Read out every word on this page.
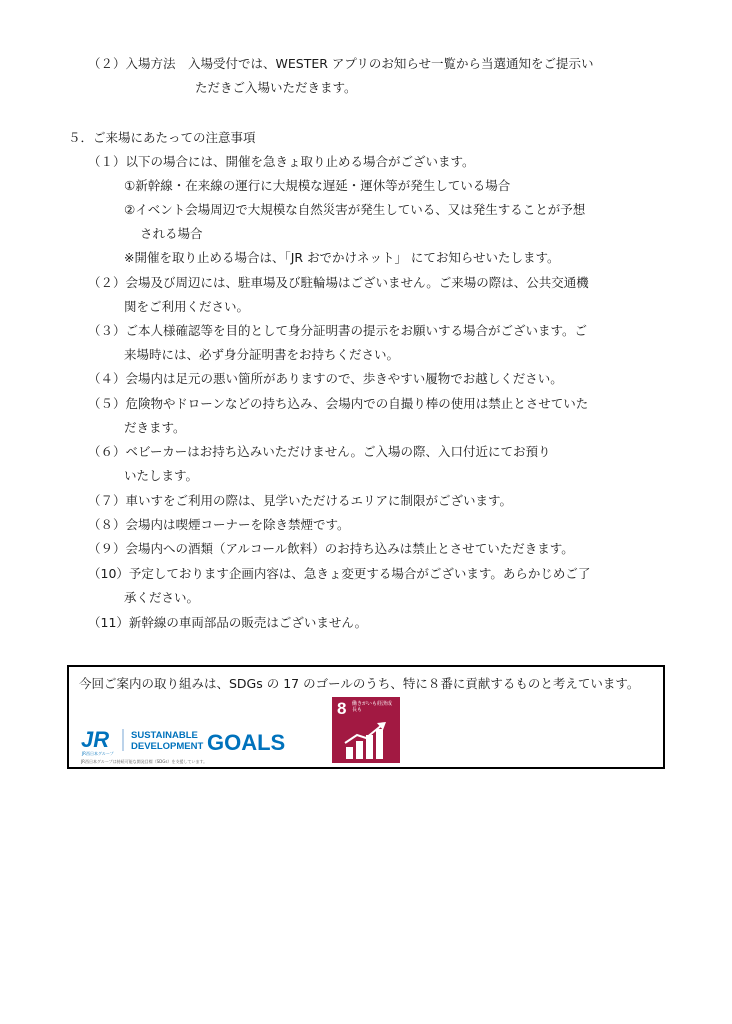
（２）入場方法　入場受付では、WESTER アプリのお知らせ一覧から当選通知をご提示い
ただきご入場いただきます。
５．ご来場にあたっての注意事項
（１）以下の場合には、開催を急きょ取り止める場合がございます。
①新幹線・在来線の運行に大規模な遅延・運休等が発生している場合
②イベント会場周辺で大規模な自然災害が発生している、又は発生することが予想
される場合
※開催を取り止める場合は、「JR おでかけネット」 にてお知らせいたします。
（２）会場及び周辺には、駐車場及び駐輪場はございません。ご来場の際は、公共交通機
関をご利用ください。
（３）ご本人様確認等を目的として身分証明書の提示をお願いする場合がございます。ご
来場時には、必ず身分証明書をお持ちください。
（４）会場内は足元の悪い箇所がありますので、歩きやすい履物でお越しください。
（５）危険物やドローンなどの持ち込み、会場内での自撮り棒の使用は禁止とさせていた
だきます。
（６）ベビーカーはお持ち込みいただけません。ご入場の際、入口付近にてお預り
いたします。
（７）車いすをご利用の際は、見学いただけるエリアに制限がございます。
（８）会場内は喫煙コーナーを除き禁煙です。
（９）会場内への酒類（アルコール飲料）のお持ち込みは禁止とさせていただきます。
（10）予定しております企画内容は、急きょ変更する場合がございます。あらかじめご了
承ください。
（11）新幹線の車両部品の販売はございません。
今回ご案内の取り組みは、SDGs の 17 のゴールのうち、特に８番に貢献するものと考えています。
JR
JR西日本グループ
SUSTAINABLE
DEVELOPMENT GOALS
JR西日本グループは持続可能な開発目標（SDGs）を支援しています。
8 働きがいも経済成長も
